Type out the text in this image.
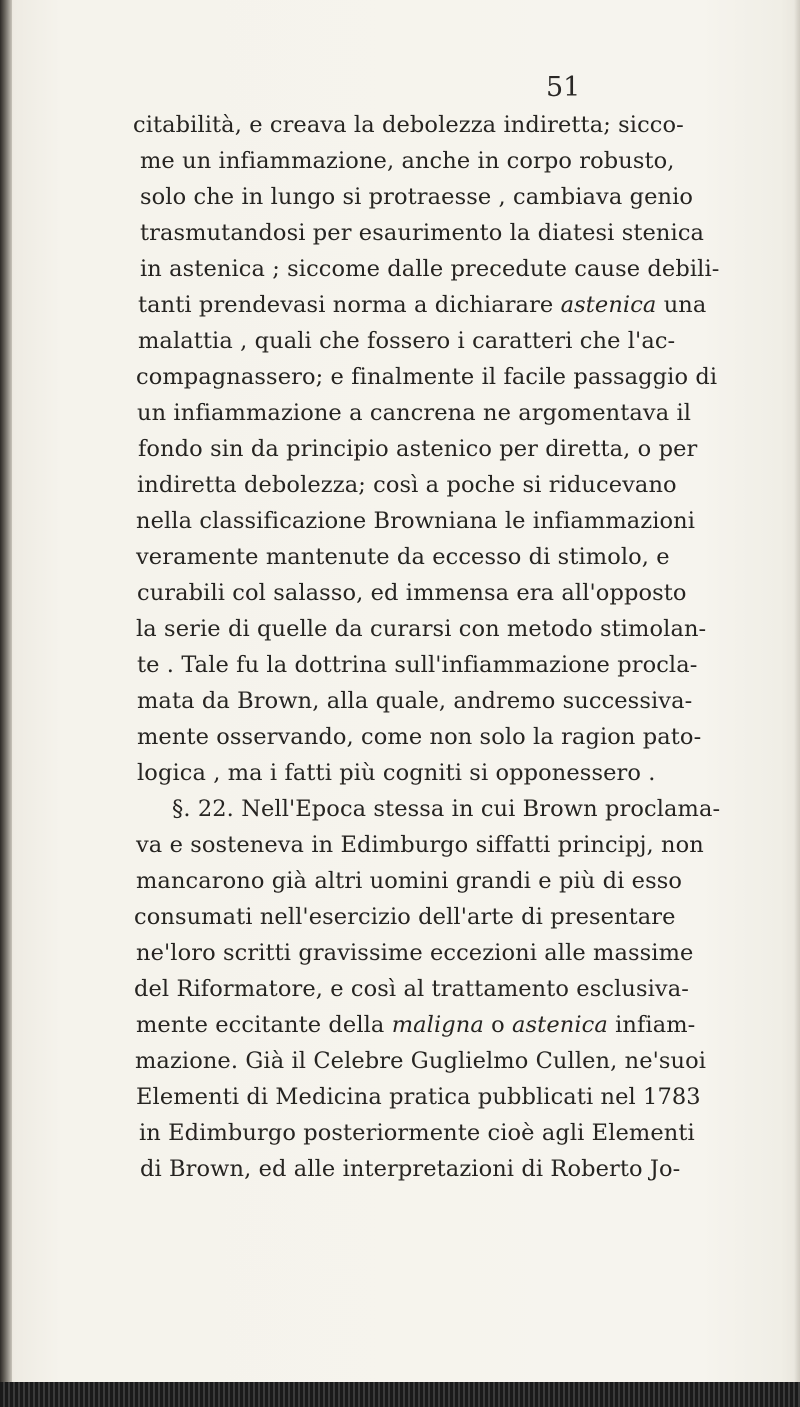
51
citabilità, e creava la debolezza indiretta; sicco-
me un infiammazione, anche in corpo robusto,
solo che in lungo si protraesse , cambiava genio
trasmutandosi per esaurimento la diatesi stenica
in astenica ; siccome dalle precedute cause debili-
tanti prendevasi norma a dichiarare astenica una
malattia , quali che fossero i caratteri che l'ac-
compagnassero; e finalmente il facile passaggio di
un infiammazione a cancrena ne argomentava il
fondo sin da principio astenico per diretta, o per
indiretta debolezza; così a poche si riducevano
nella classificazione Browniana le infiammazioni
veramente mantenute da eccesso di stimolo, e
curabili col salasso, ed immensa era all'opposto
la serie di quelle da curarsi con metodo stimolan-
te . Tale fu la dottrina sull'infiammazione procla-
mata da Brown, alla quale, andremo successiva-
mente osservando, come non solo la ragion pato-
logica , ma i fatti più cogniti si opponessero .
§. 22. Nell'Epoca stessa in cui Brown proclama-
va e sosteneva in Edimburgo siffatti principj, non
mancarono già altri uomini grandi e più di esso
consumati nell'esercizio dell'arte di presentare
ne'loro scritti gravissime eccezioni alle massime
del Riformatore, e così al trattamento esclusiva-
mente eccitante della maligna o astenica infiam-
mazione. Già il Celebre Guglielmo Cullen, ne'suoi
Elementi di Medicina pratica pubblicati nel 1783
in Edimburgo posteriormente cioè agli Elementi
di Brown, ed alle interpretazioni di Roberto Jo-
